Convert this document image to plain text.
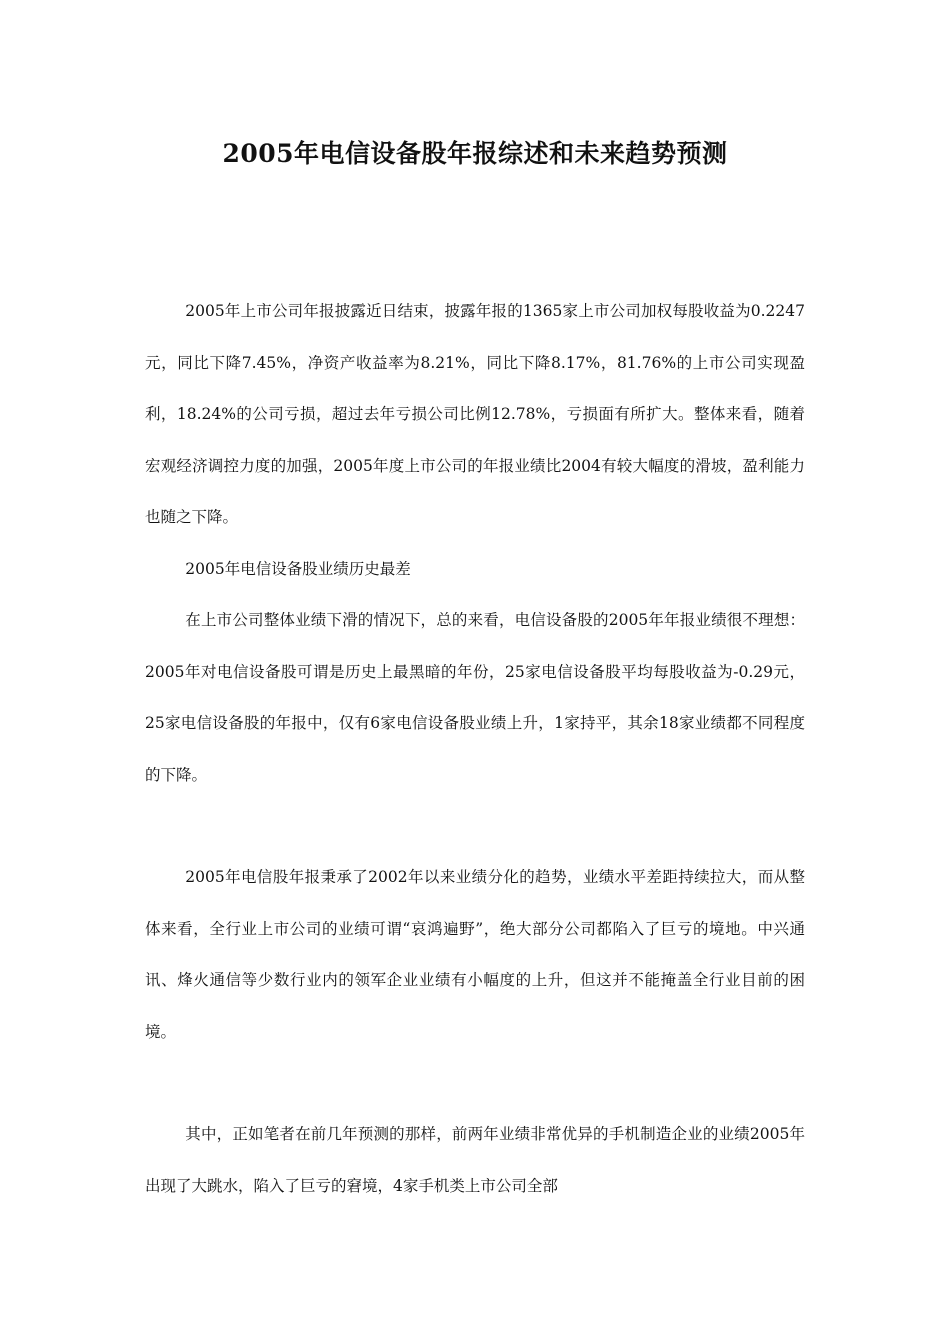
2005年电信设备股年报综述和未来趋势预测

2005年上市公司年报披露近日结束，披露年报的1365家上市公司加权每股收益为0.2247 元，同比下降7.45%，净资产收益率为8.21%，同比下降8.17%，81.76%的上市公司实现盈利，18.24%的公司亏损，超过去年亏损公司比例12.78%，亏损面有所扩大。整体来看，随着宏观经济调控力度的加强，2005年度上市公司的年报业绩比2004有较大幅度的滑坡，盈利能力也随之下降。

2005年电信设备股业绩历史最差

在上市公司整体业绩下滑的情况下，总的来看，电信设备股的2005年年报业绩很不理想：2005年对电信设备股可谓是历史上最黑暗的年份，25家电信设备股平均每股收益为-0.29元，25家电信设备股的年报中，仅有6家电信设备股业绩上升，1家持平，其余18家业绩都不同程度的下降。

2005年电信股年报秉承了2002年以来业绩分化的趋势，业绩水平差距持续拉大，而从整体来看，全行业上市公司的业绩可谓“哀鸿遍野”，绝大部分公司都陷入了巨亏的境地。中兴通讯、烽火通信等少数行业内的领军企业业绩有小幅度的上升，但这并不能掩盖全行业目前的困境。

其中，正如笔者在前几年预测的那样，前两年业绩非常优异的手机制造企业的业绩2005年出现了大跳水，陷入了巨亏的窘境，4家手机类上市公司全部
